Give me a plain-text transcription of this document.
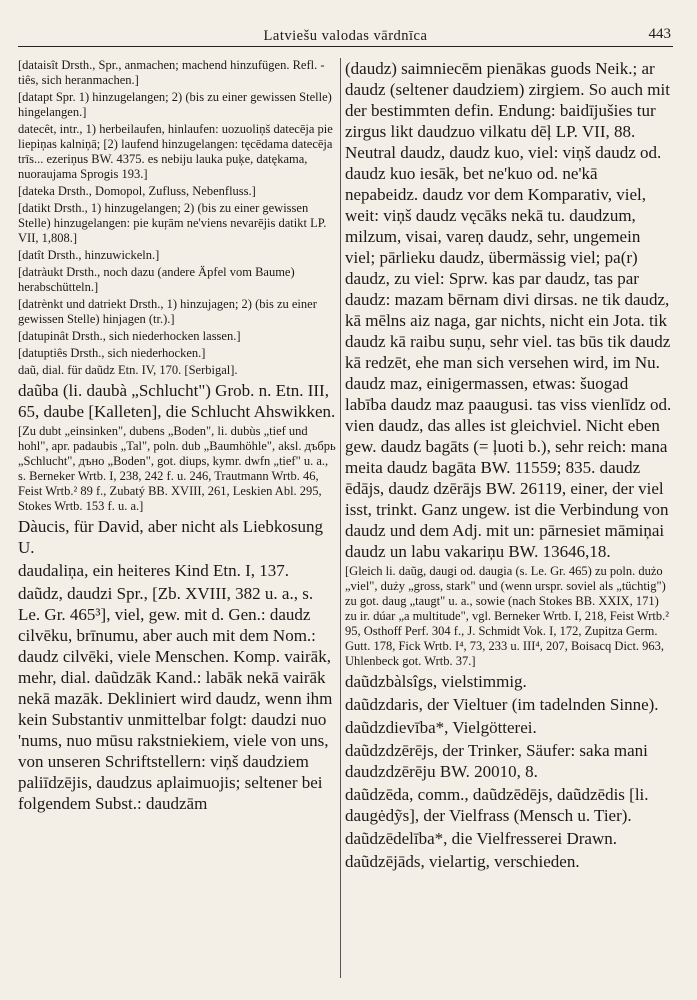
Latviešu valodas vārdnīca	443

[dataisît Drsth., Spr., anmachen; machend hinzufügen. Refl. -tiês, sich heranmachen.]

[datapt Spr. 1) hinzugelangen; 2) (bis zu einer gewissen Stelle) hingelangen.]

datecêt, intr., 1) herbeilaufen, hinlaufen: uozuoliņš datecēja pie liepiņas kalniņā; [2) laufend hinzugelangen: tęcēdama datecēja trīs... ezeriņus BW. 4375. es nebiju lauka puķe, datękama, nuoraujama Sprogis 193.]

[dateka Drsth., Domopol, Zufluss, Nebenfluss.]

[datikt Drsth., 1) hinzugelangen; 2) (bis zu einer gewissen Stelle) hinzugelangen: pie kuŗām ne'viens nevarējis datikt LP. VII, 1,808.]

[datît Drsth., hinzuwickeln.]

[datràukt Drsth., noch dazu (andere Äpfel vom Baume) herabschütteln.]

[datrènkt und datriekt Drsth., 1) hinzujagen; 2) (bis zu einer gewissen Stelle) hinjagen (tr.).]

[datupinât Drsth., sich niederhocken lassen.]

[datuptiês Drsth., sich niederhocken.]

daũ, dial. für daũdz Etn. IV, 170. [Serbigal].

daũba (li. daubà „Schlucht") Grob. n. Etn. III, 65, daube [Kalleten], die Schlucht Ahswikken.

[Zu dubt „einsinken", dubens „Boden", li. dubùs „tief und hohl", apr. padaubis „Tal", poln. dub „Baumhöhle", aksl. дъбрь „Schlucht", дъно „Boden", got. diups, kymr. dwfn „tief" u. a., s. Berneker Wrtb. I, 238, 242 f. u. 246, Trautmann Wrtb. 46, Feist Wrtb.² 89 f., Zubatý BB. XVIII, 261, Leskien Abl. 295, Stokes Wrtb. 153 f. u. a.]

Dàucis, für David, aber nicht als Liebkosung U.

daudaliņa, ein heiteres Kind Etn. I, 137.

daũdz, daudzi Spr., [Zb. XVIII, 382 u. a., s. Le. Gr. 465³], viel, gew. mit d. Gen.: daudz cilvēku, brīnumu, aber auch mit dem Nom.: daudz cilvēki, viele Menschen. Komp. vairāk, mehr, dial. daũdzāk Kand.: labāk nekā vairāk nekā mazāk. Dekliniert wird daudz, wenn ihm kein Substantiv unmittelbar folgt: daudzi nuo 'nums, nuo mūsu rakstniekiem, viele von uns, von unseren Schriftstellern: viņš daudziem paliīdzējis, daudzus aplaimuojis; seltener bei folgendem Subst.: daudzām

(daudz) saimniecēm pienākas guods Neik.; ar daudz (seltener daudziem) zirgiem. So auch mit der bestimmten defin. Endung: baidījušies tur zirgus likt daudzuo vilkatu dēļ LP. VII, 88. Neutral daudz, daudz kuo, viel: viņš daudz od. daudz kuo iesāk, bet ne'kuo od. ne'kā nepabeidz. daudz vor dem Komparativ, viel, weit: viņš daudz vęcāks nekā tu. daudzum, milzum, visai, vareņ daudz, sehr, ungemein viel; pārlieku daudz, übermässig viel; pa(r) daudz, zu viel: Sprw. kas par daudz, tas par daudz: mazam bērnam divi dirsas. ne tik daudz, kā mēlns aiz naga, gar nichts, nicht ein Jota. tik daudz kā raibu suņu, sehr viel. tas būs tik daudz kā redzēt, ehe man sich versehen wird, im Nu. daudz maz, einigermassen, etwas: šuogad labība daudz maz paaugusi. tas viss vienlīdz od. vien daudz, das alles ist gleichviel. Nicht eben gew. daudz bagāts (= ļuoti b.), sehr reich: mana meita daudz bagāta BW. 11559; 835. daudz ēdājs, daudz dzērājs BW. 26119, einer, der viel isst, trinkt. Ganz ungew. ist die Verbindung von daudz und dem Adj. mit un: pārnesiet māmiņai daudz un labu vakariņu BW. 13646,18.

[Gleich li. daũg, daugi od. daugia (s. Le. Gr. 465) zu poln. dużo „viel", duży „gross, stark" und (wenn urspr. soviel als „tüchtig") zu got. daug „taugt" u. a., sowie (nach Stokes BB. XXIX, 171) zu ir. dúar „a multitude", vgl. Berneker Wrtb. I, 218, Feist Wrtb.² 95, Osthoff Perf. 304 f., J. Schmidt Vok. I, 172, Zupitza Germ. Gutt. 178, Fick Wrtb. I⁴, 73, 233 u. III⁴, 207, Boisacq Dict. 963, Uhlenbeck got. Wrtb. 37.]

daũdzbàlsîgs, vielstimmig.

daũdzdaris, der Vieltuer (im tadelnden Sinne).

daũdzdievība*, Vielgötterei.

daũdzdzērējs, der Trinker, Säufer: saka mani daudzdzērēju BW. 20010, 8.

daũdzēda, comm., daũdzēdējs, daũdzēdis [li. daugėdỹs], der Vielfrass (Mensch u. Tier).

daũdzēdelība*, die Vielfresserei Drawn.

daũdzējāds, vielartig, verschieden.
